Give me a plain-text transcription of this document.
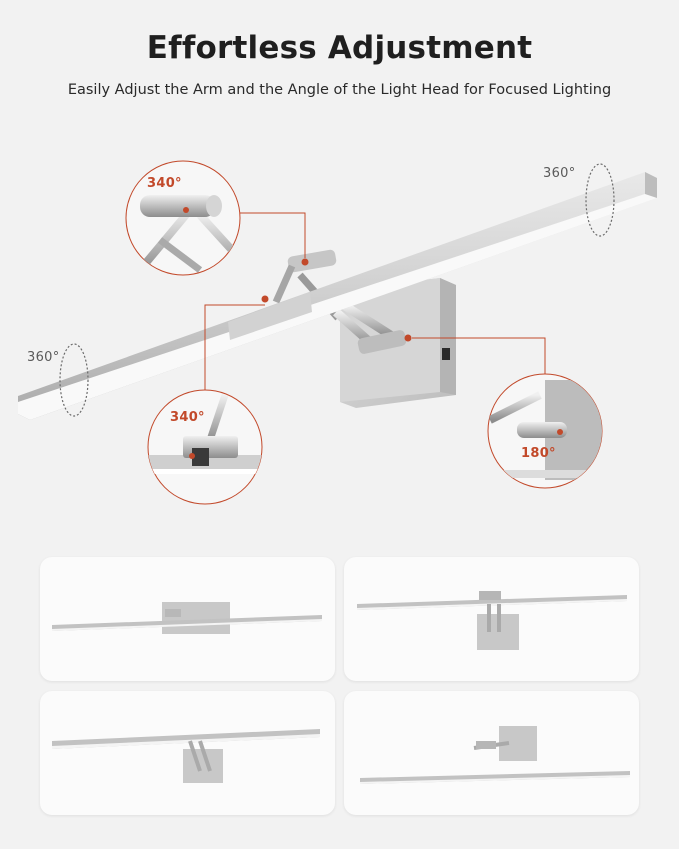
Effortless Adjustment
Easily Adjust the Arm and the Angle of the Light Head for Focused Lighting
360°
360°
340°
340°
180°
